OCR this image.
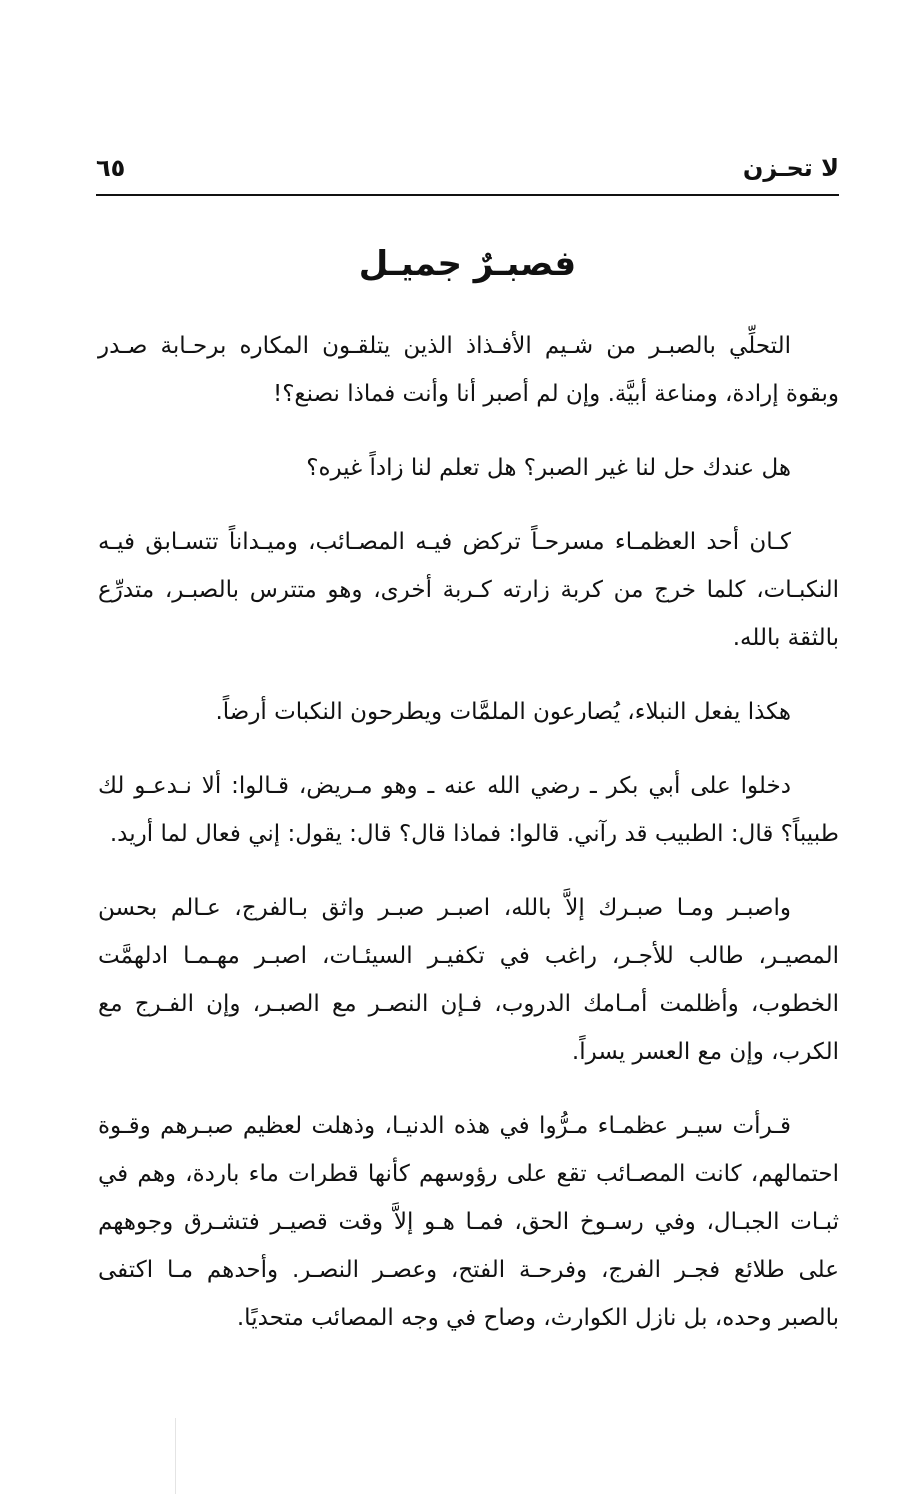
لا تحـزن
٦٥
فصبـرٌ جميـل

التحلِّي بالصبـر من شـيم الأفـذاذ الذين يتلقـون المكاره برحـابة صـدر وبقوة إرادة، ومناعة أبيَّة. وإن لم أصبر أنا وأنت فماذا نصنع؟!

هل عندك حل لنا غير الصبر؟ هل تعلم لنا زاداً غيره؟

كـان أحد العظمـاء مسرحـاً تركض فيـه المصـائب، وميـداناً تتسـابق فيـه النكبـات، كلما خرج من كربة زارته كـربة أخرى، وهو متترس بالصبـر، متدرِّع بالثقة بالله.

هكذا يفعل النبلاء، يُصارعون الملمَّات ويطرحون النكبات أرضاً.

دخلوا على أبي بكر ـ رضي الله عنه ـ وهو مـريض، قـالوا: ألا نـدعـو لك طبيباً؟ قال: الطبيب قد رآني. قالوا: فماذا قال؟ قال: يقول: إني فعال لما أريد.

واصبـر ومـا صبـرك إلاَّ بالله، اصبـر صبـر واثق بـالفرج، عـالم بحسن المصيـر، طالب للأجـر، راغب في تكفيـر السيئـات، اصبـر مهـمـا ادلهمَّت الخطوب، وأظلمت أمـامك الدروب، فـإن النصـر مع الصبـر، وإن الفـرج مع الكرب، وإن مع العسر يسراً.

قـرأت سيـر عظمـاء مـرُّوا في هذه الدنيـا، وذهلت لعظيم صبـرهم وقـوة احتمالهم، كانت المصـائب تقع على رؤوسهم كأنها قطرات ماء باردة، وهم في ثبـات الجبـال، وفي رسـوخ الحق، فمـا هـو إلاَّ وقت قصيـر فتشـرق وجوههم على طلائع فجـر الفرج، وفرحـة الفتح، وعصـر النصـر. وأحدهم مـا اكتفى بالصبر وحده، بل نازل الكوارث، وصاح في وجه المصائب متحديًا.
